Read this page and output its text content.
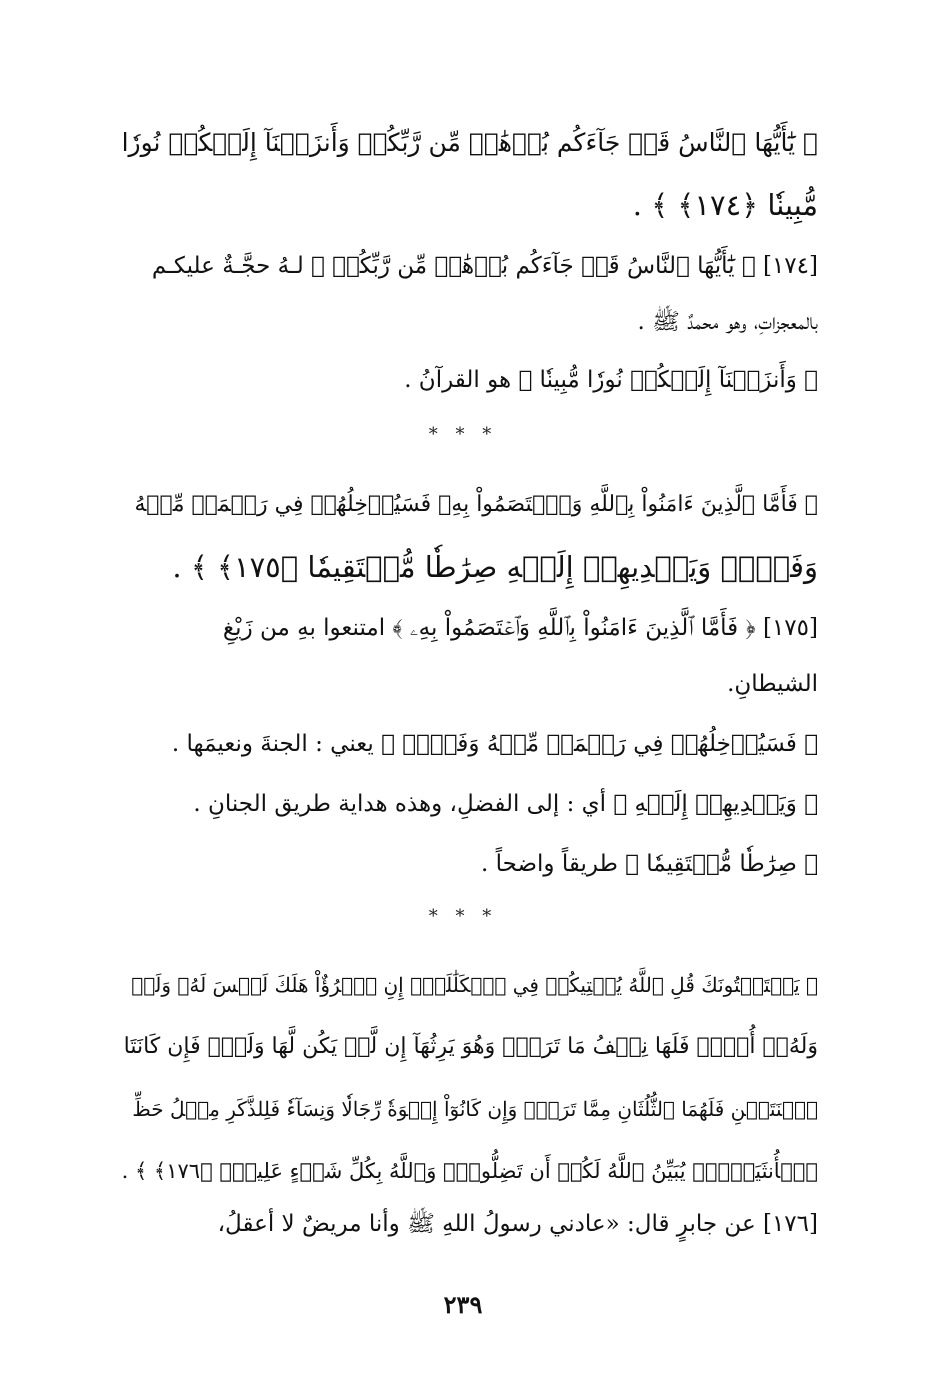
﴿ يَٰٓأَيُّهَا ٱلنَّاسُ قَدۡ جَآءَكُم بُرۡهَٰنٞ مِّن رَّبِّكُمۡ وَأَنزَلۡنَآ إِلَيۡكُمۡ نُورٗا
مُّبِينٗا ﴿١٧٤﴾ ﴾ .
[١٧٤] ﴿ يَٰٓأَيُّهَا ٱلنَّاسُ قَدۡ جَآءَكُم بُرۡهَٰنٞ مِّن رَّبِّكُمۡ ﴾ لـهُ حجَّـةٌ عليكـم
بالمعجزاتِ، وهو محمدٌ ﷺ .
﴿ وَأَنزَلۡنَآ إِلَيۡكُمۡ نُورٗا مُّبِينٗا ﴾ هو القرآنُ .
* * *
﴿ فَأَمَّا ٱلَّذِينَ ءَامَنُواْ بِٱللَّهِ وَٱعۡتَصَمُواْ بِهِۦ فَسَيُدۡخِلُهُمۡ فِي رَحۡمَةٖ مِّنۡهُ
وَفَضۡلٖ وَيَهۡدِيهِمۡ إِلَيۡهِ صِرَٰطٗا مُّسۡتَقِيمٗا ﴿١٧٥﴾ ﴾ .
[١٧٥] ﴿ فَأَمَّا ٱلَّذِينَ ءَامَنُواْ بِٱللَّهِ وَٱعۡتَصَمُواْ بِهِۦ ﴾ امتنعوا بهِ من زَيْغِ
الشيطانِ.
﴿ فَسَيُدۡخِلُهُمۡ فِي رَحۡمَةٖ مِّنۡهُ وَفَضۡلٖ ﴾ يعني : الجنةَ ونعيمَها .
﴿ وَيَهۡدِيهِمۡ إِلَيۡهِ ﴾ أي : إلى الفضلِ، وهذه هداية طريق الجنانِ .
﴿ صِرَٰطٗا مُّسۡتَقِيمٗا ﴾ طريقاً واضحاً .
* * *
﴿ يَسۡتَفۡتُونَكَ قُلِ ٱللَّهُ يُفۡتِيكُمۡ فِي ٱلۡكَلَٰلَةِۚ إِنِ ٱمۡرُؤٌاْ هَلَكَ لَيۡسَ لَهُۥ وَلَدٞ
وَلَهُۥٓ أُخۡتٞ فَلَهَا نِصۡفُ مَا تَرَكَۚ وَهُوَ يَرِثُهَآ إِن لَّمۡ يَكُن لَّهَا وَلَدٞۚ فَإِن كَانَتَا
ٱثۡنَتَيۡنِ فَلَهُمَا ٱلثُّلُثَانِ مِمَّا تَرَكَۚ وَإِن كَانُوٓاْ إِخۡوَةٗ رِّجَالٗا وَنِسَآءٗ فَلِلذَّكَرِ مِثۡلُ حَظِّ
ٱلۡأُنثَيَيۡنِۗ يُبَيِّنُ ٱللَّهُ لَكُمۡ أَن تَضِلُّواْۗ وَٱللَّهُ بِكُلِّ شَيۡءٍ عَلِيمُۢ ﴿١٧٦﴾ ﴾ .
[١٧٦] عن جابرٍ قال: «عادني رسولُ اللهِ ﷺ وأنا مريضٌ لا أعقلُ،
٢٣٩
